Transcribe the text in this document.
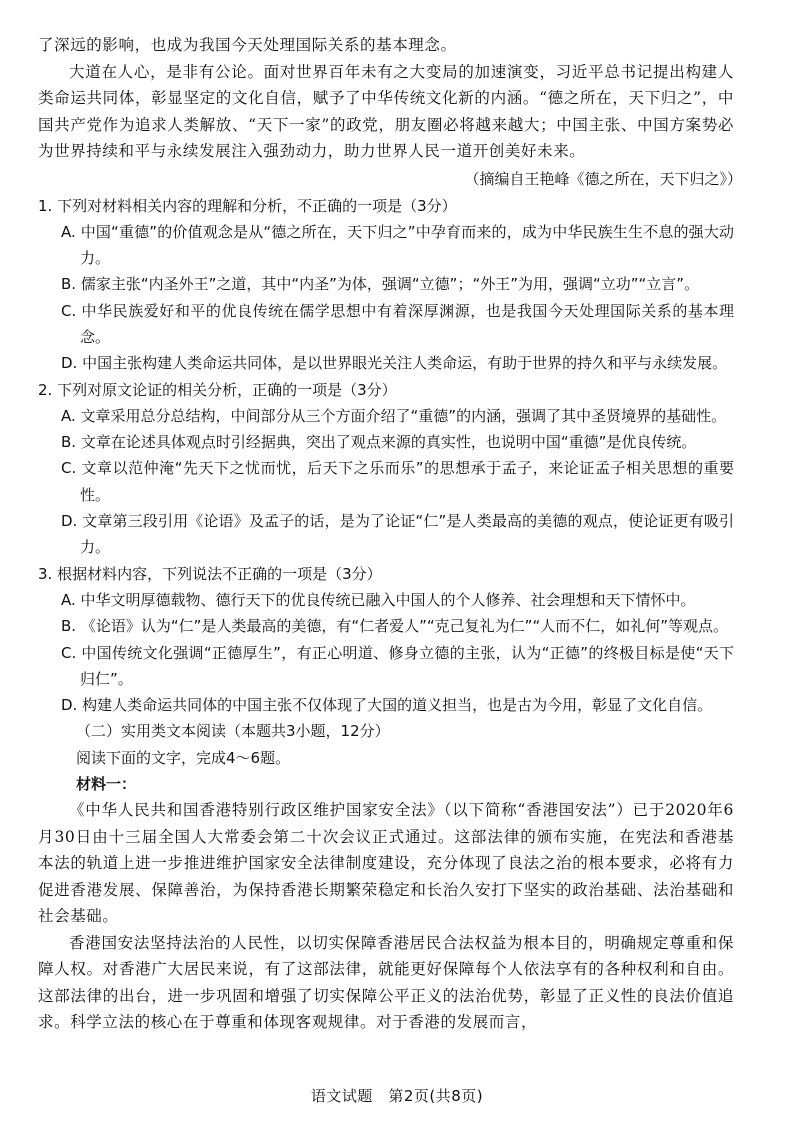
了深远的影响，也成为我国今天处理国际关系的基本理念。

大道在人心，是非有公论。面对世界百年未有之大变局的加速演变，习近平总书记提出构建人类命运共同体，彰显坚定的文化自信，赋予了中华传统文化新的内涵。“德之所在，天下归之”，中国共产党作为追求人类解放、“天下一家”的政党，朋友圈必将越来越大；中国主张、中国方案势必为世界持续和平与永续发展注入强劲动力，助力世界人民一道开创美好未来。

（摘编自王艳峰《德之所在，天下归之》）

1. 下列对材料相关内容的理解和分析，不正确的一项是（3分）

A. 中国“重德”的价值观念是从“德之所在，天下归之”中孕育而来的，成为中华民族生生不息的强大动力。

B. 儒家主张“内圣外王”之道，其中“内圣”为体，强调“立德”；“外王”为用，强调“立功”“立言”。

C. 中华民族爱好和平的优良传统在儒学思想中有着深厚渊源，也是我国今天处理国际关系的基本理念。

D. 中国主张构建人类命运共同体，是以世界眼光关注人类命运，有助于世界的持久和平与永续发展。

2. 下列对原文论证的相关分析，正确的一项是（3分）

A. 文章采用总分总结构，中间部分从三个方面介绍了“重德”的内涵，强调了其中圣贤境界的基础性。

B. 文章在论述具体观点时引经据典，突出了观点来源的真实性，也说明中国“重德”是优良传统。

C. 文章以范仲淹“先天下之忧而忧，后天下之乐而乐”的思想承于孟子，来论证孟子相关思想的重要性。

D. 文章第三段引用《论语》及孟子的话，是为了论证“仁”是人类最高的美德的观点，使论证更有吸引力。

3. 根据材料内容，下列说法不正确的一项是（3分）

A. 中华文明厚德载物、德行天下的优良传统已融入中国人的个人修养、社会理想和天下情怀中。

B. 《论语》认为“仁”是人类最高的美德，有“仁者爱人”“克己复礼为仁”“人而不仁，如礼何”等观点。

C. 中国传统文化强调“正德厚生”，有正心明道、修身立德的主张，认为“正德”的终极目标是使“天下归仁”。

D. 构建人类命运共同体的中国主张不仅体现了大国的道义担当，也是古为今用，彰显了文化自信。

（二）实用类文本阅读（本题共3小题，12分）

阅读下面的文字，完成4～6题。

材料一：

《中华人民共和国香港特别行政区维护国家安全法》（以下简称“香港国安法”）已于2020年6月30日由十三届全国人大常委会第二十次会议正式通过。这部法律的颁布实施，在宪法和香港基本法的轨道上进一步推进维护国家安全法律制度建设，充分体现了良法之治的根本要求，必将有力促进香港发展、保障善治，为保持香港长期繁荣稳定和长治久安打下坚实的政治基础、法治基础和社会基础。

香港国安法坚持法治的人民性，以切实保障香港居民合法权益为根本目的，明确规定尊重和保障人权。对香港广大居民来说，有了这部法律，就能更好保障每个人依法享有的各种权利和自由。这部法律的出台，进一步巩固和增强了切实保障公平正义的法治优势，彰显了正义性的良法价值追求。科学立法的核心在于尊重和体现客观规律。对于香港的发展而言，

语文试题　第2页(共8页)
